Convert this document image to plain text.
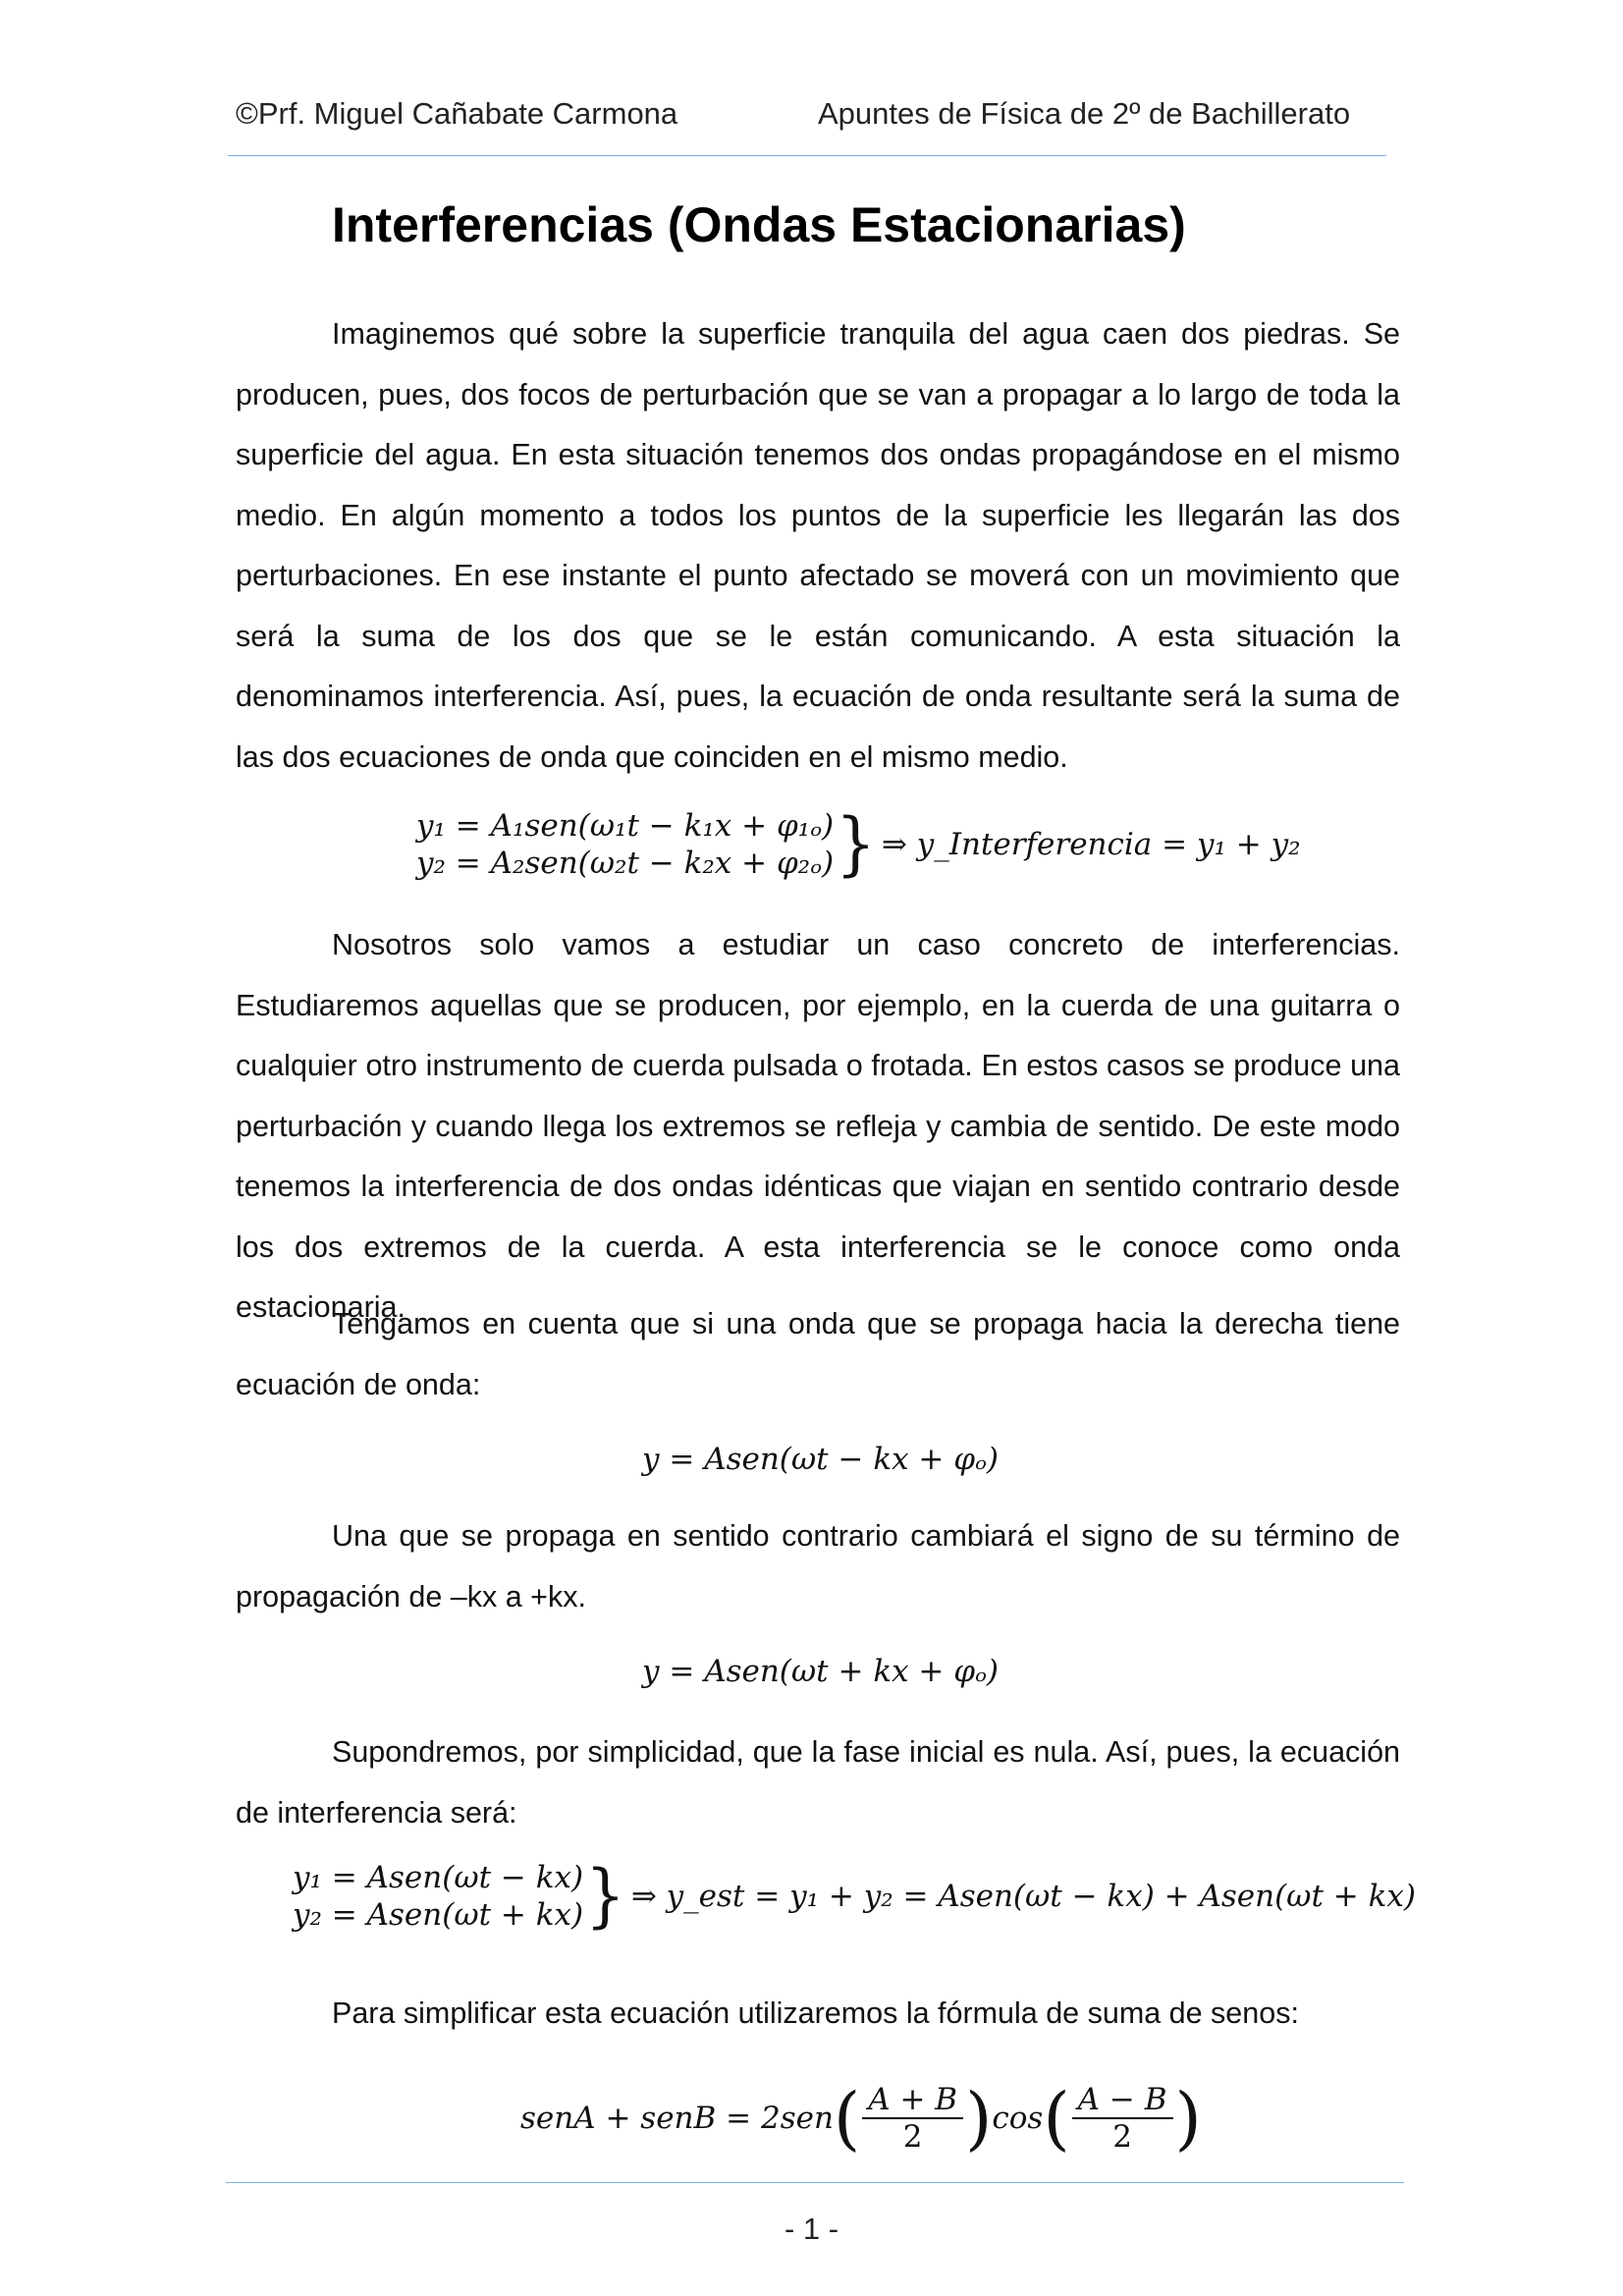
©Prf. Miguel Cañabate Carmona	Apuntes de Física de 2º de Bachillerato
Interferencias (Ondas Estacionarias)

Imaginemos qué sobre la superficie tranquila del agua caen dos piedras. Se producen, pues, dos focos de perturbación que se van a propagar a lo largo de toda la superficie del agua. En esta situación tenemos dos ondas propagándose en el mismo medio. En algún momento a todos los puntos de la superficie les llegarán las dos perturbaciones. En ese instante el punto afectado se moverá con un movimiento que será la suma de los dos que se le están comunicando. A esta situación la denominamos interferencia. Así, pues, la ecuación de onda resultante será la suma de las dos ecuaciones de onda que coinciden en el mismo medio.

y₁ = A₁sen(ω₁t − k₁x + φ₁ₒ)
y₂ = A₂sen(ω₂t − k₂x + φ₂ₒ) } ⇒ y_Interferencia = y₁ + y₂

Nosotros solo vamos a estudiar un caso concreto de interferencias. Estudiaremos aquellas que se producen, por ejemplo, en la cuerda de una guitarra o cualquier otro instrumento de cuerda pulsada o frotada. En estos casos se produce una perturbación y cuando llega los extremos se refleja y cambia de sentido. De este modo tenemos la interferencia de dos ondas idénticas que viajan en sentido contrario desde los dos extremos de la cuerda. A esta interferencia se le conoce como onda estacionaria.

Tengamos en cuenta que si una onda que se propaga hacia la derecha tiene ecuación de onda:

y = Asen(ωt − kx + φₒ)

Una que se propaga en sentido contrario cambiará el signo de su término de propagación de –kx a +kx.

y = Asen(ωt + kx + φₒ)

Supondremos, por simplicidad, que la fase inicial es nula. Así, pues, la ecuación de interferencia será:

y₁ = Asen(ωt − kx)
y₂ = Asen(ωt + kx) } ⇒ y_est = y₁ + y₂ = Asen(ωt − kx) + Asen(ωt + kx)

Para simplificar esta ecuación utilizaremos la fórmula de suma de senos:

senA + senB = 2sen ( $\frac{A + B}{2}$ ) cos ( $\frac{A - B}{2}$ )
- 1 -
